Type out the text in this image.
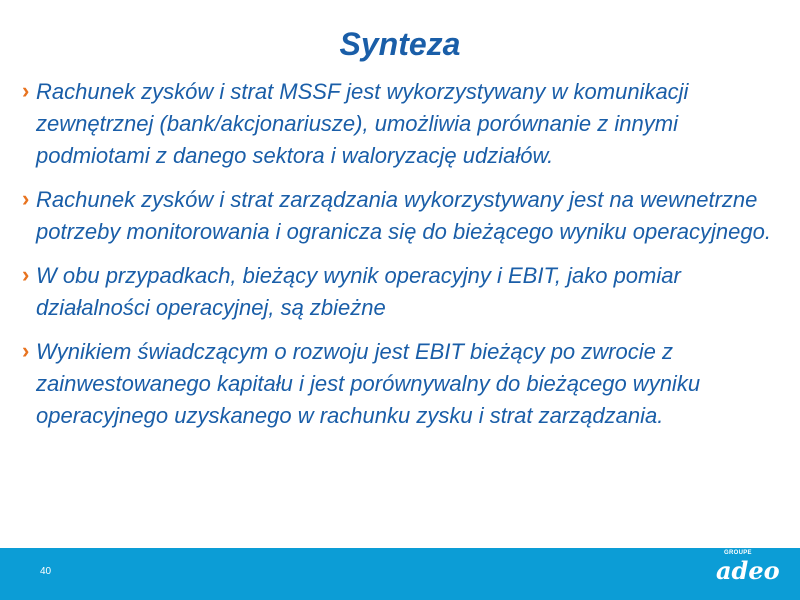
Synteza
› Rachunek zysków i strat MSSF jest wykorzystywany w komunikacji zewnętrznej (bank/akcjonariusze), umożliwia porównanie z innymi podmiotami z danego sektora i waloryzację udziałów.
› Rachunek zysków i strat zarządzania wykorzystywany jest na wewnetrzne potrzeby monitorowania i ogranicza się do bieżącego wyniku operacyjnego.
› W obu przypadkach, bieżący wynik operacyjny i EBIT, jako pomiar działalności operacyjnej, są zbieżne
› Wynikiem świadczącym o rozwoju jest EBIT bieżący po zwrocie z zainwestowanego kapitału i jest porównywalny do bieżącego wyniku operacyjnego uzyskanego w rachunku zysku i strat zarządzania.
40
GROUPE
adeo
